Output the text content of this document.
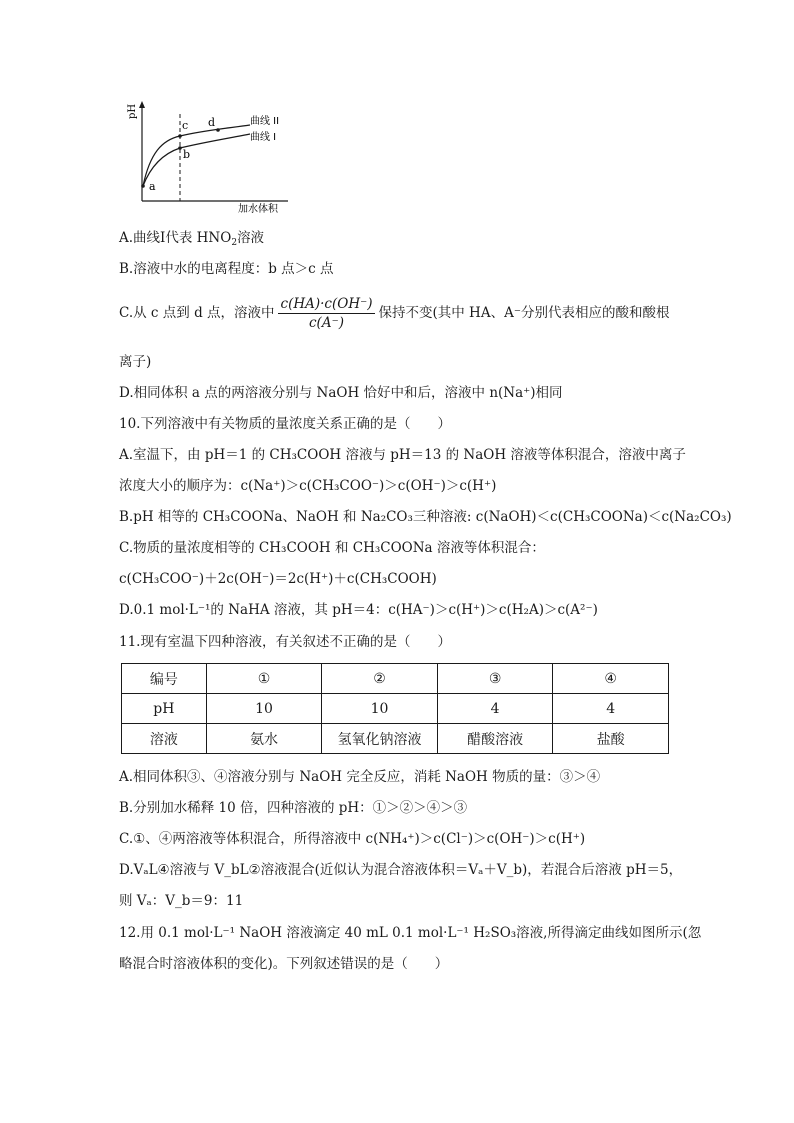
pH
加水体积
曲线 II
曲线 I
a
b
c d
A.曲线Ⅰ代表 $HNO_2$溶液
B.溶液中水的电离程度：b 点＞c 点
C.从 c 点到 d 点，溶液中 $\frac{c(HA)\cdot c(OH^-)}{c(A^-)}$ 保持不变(其中 HA、A⁻分别代表相应的酸和酸根
离子)
D.相同体积 a 点的两溶液分别与 NaOH 恰好中和后，溶液中 n(Na⁺)相同
10.下列溶液中有关物质的量浓度关系正确的是（　　）
A.室温下，由 pH＝1 的 CH₃COOH 溶液与 pH＝13 的 NaOH 溶液等体积混合，溶液中离子
浓度大小的顺序为：c(Na⁺)＞c(CH₃COO⁻)＞c(OH⁻)＞c(H⁺)
B.pH 相等的 CH₃COONa、NaOH 和 Na₂CO₃三种溶液: c(NaOH)＜c(CH₃COONa)＜c(Na₂CO₃)
C.物质的量浓度相等的 CH₃COOH 和 CH₃COONa 溶液等体积混合：
c(CH₃COO⁻)＋2c(OH⁻)＝2c(H⁺)＋c(CH₃COOH)
D.0.1 mol·L⁻¹的 NaHA 溶液，其 pH＝4：c(HA⁻)＞c(H⁺)＞c(H₂A)＞c(A²⁻)
11.现有室温下四种溶液，有关叙述不正确的是（　　）
编号	①	②	③	④
pH	10	10	4	4
溶液	氨水	氢氧化钠溶液	醋酸溶液	盐酸
A.相同体积③、④溶液分别与 NaOH 完全反应，消耗 NaOH 物质的量：③＞④
B.分别加水稀释 10 倍，四种溶液的 pH：①＞②＞④＞③
C.①、④两溶液等体积混合，所得溶液中 c(NH₄⁺)＞c(Cl⁻)＞c(OH⁻)＞c(H⁺)
D.VₐL④溶液与 V_bL②溶液混合(近似认为混合溶液体积＝Vₐ＋V_b)，若混合后溶液 pH＝5，
则 Vₐ：V_b＝9：11
12.用 0.1 mol·L⁻¹ NaOH 溶液滴定 40 mL 0.1 mol·L⁻¹ H₂SO₃溶液,所得滴定曲线如图所示(忽
略混合时溶液体积的变化)。下列叙述错误的是（　　）
